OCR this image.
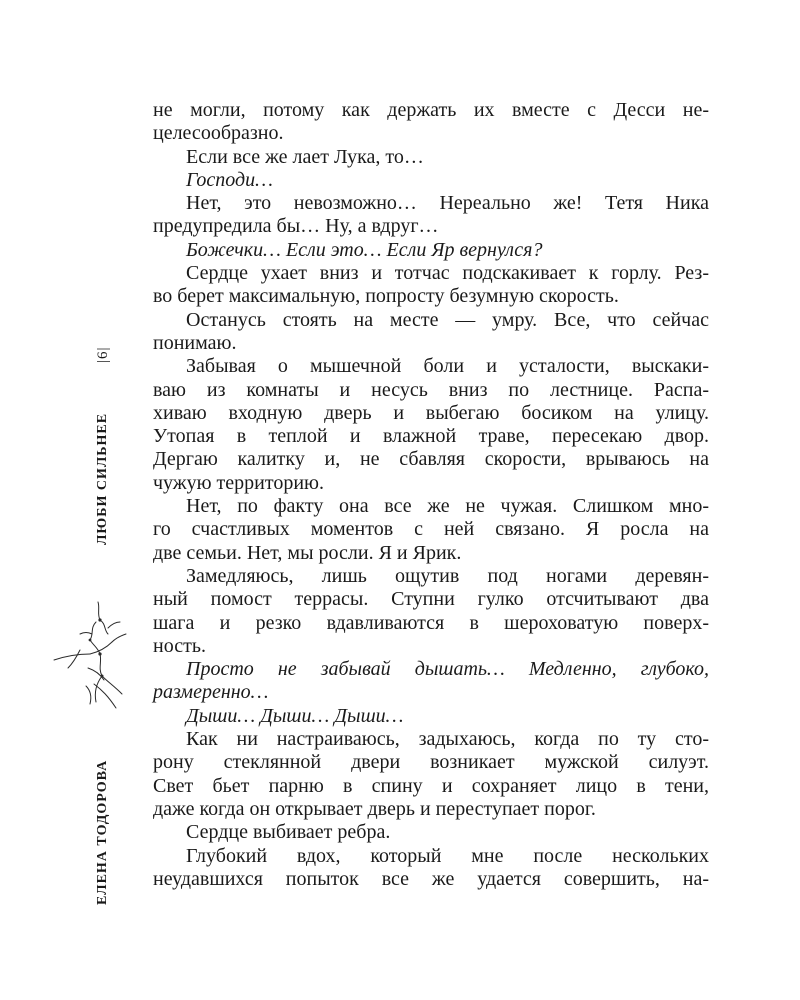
|6|
ЛЮБИ СИЛЬНЕЕ
ЕЛЕНА ТОДОРОВА
не могли, потому как держать их вместе с Десси не-
целесообразно.
Если все же лает Лука, то…
Господи…
Нет, это невозможно… Нереально же! Тетя Ника
предупредила бы… Ну, а вдруг…
Божечки… Если это… Если Яр вернулся?
Сердце ухает вниз и тотчас подскакивает к горлу. Рез-
во берет максимальную, попросту безумную скорость.
Останусь стоять на месте — умру. Все, что сейчас
понимаю.
Забывая о мышечной боли и усталости, выскаки-
ваю из комнаты и несусь вниз по лестнице. Распа-
хиваю входную дверь и выбегаю босиком на улицу.
Утопая в теплой и влажной траве, пересекаю двор.
Дергаю калитку и, не сбавляя скорости, врываюсь на
чужую территорию.
Нет, по факту она все же не чужая. Слишком мно-
го счастливых моментов с ней связано. Я росла на
две семьи. Нет, мы росли. Я и Ярик.
Замедляюсь, лишь ощутив под ногами деревян-
ный помост террасы. Ступни гулко отсчитывают два
шага и резко вдавливаются в шероховатую поверх-
ность.
Просто не забывай дышать… Медленно, глубоко,
размеренно…
Дыши… Дыши… Дыши…
Как ни настраиваюсь, задыхаюсь, когда по ту сто-
рону стеклянной двери возникает мужской силуэт.
Свет бьет парню в спину и сохраняет лицо в тени,
даже когда он открывает дверь и переступает порог.
Сердце выбивает ребра.
Глубокий вдох, который мне после нескольких
неудавшихся попыток все же удается совершить, на-
